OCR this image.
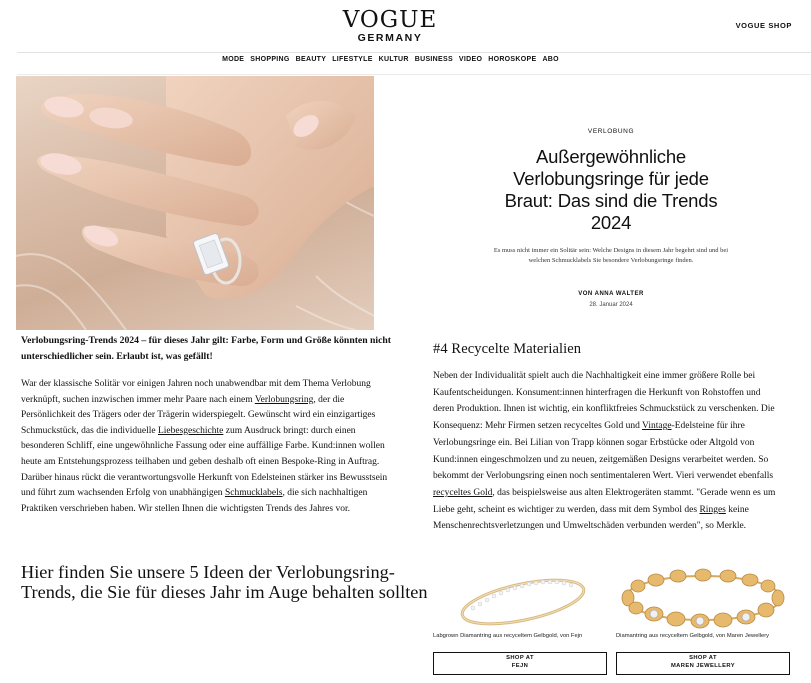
VOGUE
GERMANY
VOGUE SHOP
MODE SHOPPING BEAUTY LIFESTYLE KULTUR BUSINESS VIDEO HOROSKOPE ABO
VERLOBUNG
Außergewöhnliche Verlobungsringe für jede Braut: Das sind die Trends 2024
Es muss nicht immer ein Solitär sein: Welche Designs in diesem Jahr begehrt sind und bei welchen Schmucklabels Sie besondere Verlobungsringe finden.
VON ANNA WALTER
28. Januar 2024

Verlobungsring-Trends 2024 – für dieses Jahr gilt: Farbe, Form und Größe könnten nicht unterschiedlicher sein. Erlaubt ist, was gefällt!

War der klassische Solitär vor einigen Jahren noch unabwendbar mit dem Thema Verlobung verknüpft, suchen inzwischen immer mehr Paare nach einem Verlobungsring, der die Persönlichkeit des Trägers oder der Trägerin widerspiegelt. Gewünscht wird ein einzigartiges Schmuckstück, das die individuelle Liebesgeschichte zum Ausdruck bringt: durch einen besonderen Schliff, eine ungewöhnliche Fassung oder eine auffällige Farbe. Kund:innen wollen heute am Entstehungsprozess teilhaben und geben deshalb oft einen Bespoke-Ring in Auftrag. Darüber hinaus rückt die verantwortungsvolle Herkunft von Edelsteinen stärker ins Bewusstsein und führt zum wachsenden Erfolg von unabhängigen Schmucklabels, die sich nachhaltigen Praktiken verschrieben haben. Wir stellen Ihnen die wichtigsten Trends des Jahres vor.

Hier finden Sie unsere 5 Ideen der Verlobungsring-Trends, die Sie für dieses Jahr im Auge behalten sollten
#4 Recycelte Materialien
Neben der Individualität spielt auch die Nachhaltigkeit eine immer größere Rolle bei
Kaufentscheidungen. Konsument:innen hinterfragen die Herkunft von Rohstoffen und
deren Produktion. Ihnen ist wichtig, ein konfliktfreies Schmuckstück zu verschenken. Die
Konsequenz: Mehr Firmen setzen recyceltes Gold und Vintage-Edelsteine für ihre
Verlobungsringe ein. Bei Lilian von Trapp können sogar Erbstücke oder Altgold von
Kund:innen eingeschmolzen und zu neuen, zeitgemäßen Designs verarbeitet werden. So
bekommt der Verlobungsring einen noch sentimentaleren Wert. Vieri verwendet ebenfalls
recyceltes Gold, das beispielsweise aus alten Elektrogeräten stammt. "Gerade wenn es um
Liebe geht, scheint es wichtiger zu werden, dass mit dem Symbol des Ringes keine
Menschenrechtsverletzungen und Umweltschäden verbunden werden", so Merkle.
Labgrown Diamantring aus recyceltem Gelbgold, von Fejn
SHOP AT
FEJN
Diamantring aus recyceltem Gelbgold, von Maren Jewellery
SHOP AT
MAREN JEWELLERY
